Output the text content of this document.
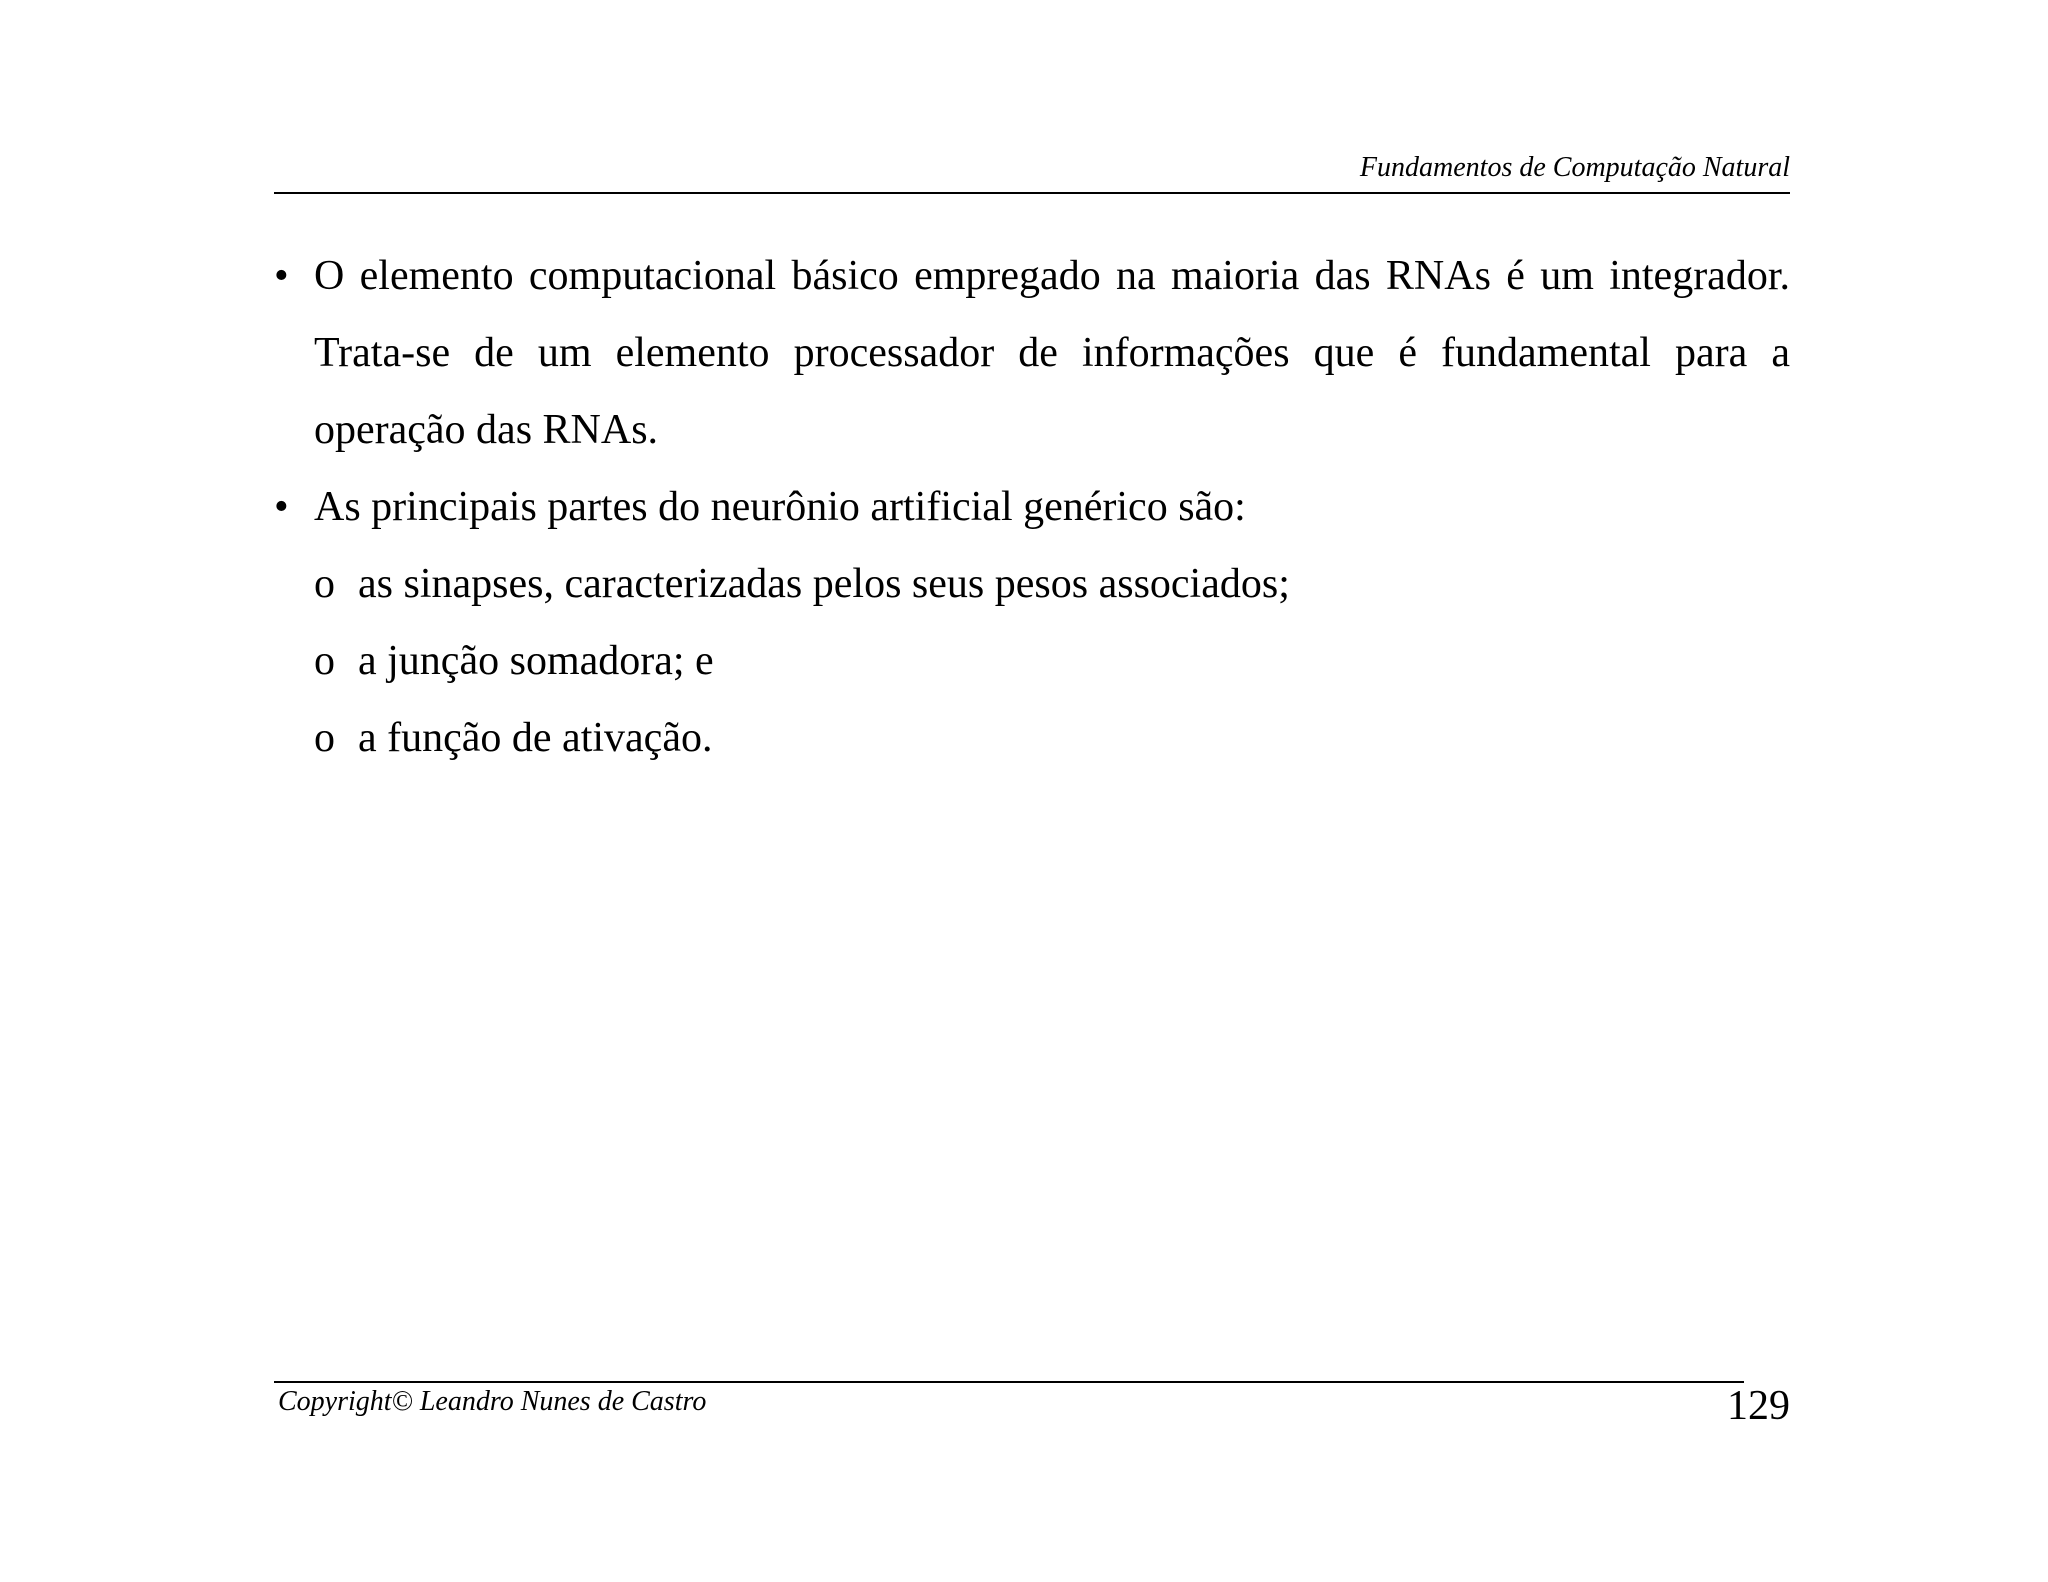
Fundamentos de Computação Natural
• O elemento computacional básico empregado na maioria das RNAs é um integrador. Trata-se de um elemento processador de informações que é fundamental para a operação das RNAs.
• As principais partes do neurônio artificial genérico são:
o as sinapses, caracterizadas pelos seus pesos associados;
o a junção somadora; e
o a função de ativação.
Copyright© Leandro Nunes de Castro	129
